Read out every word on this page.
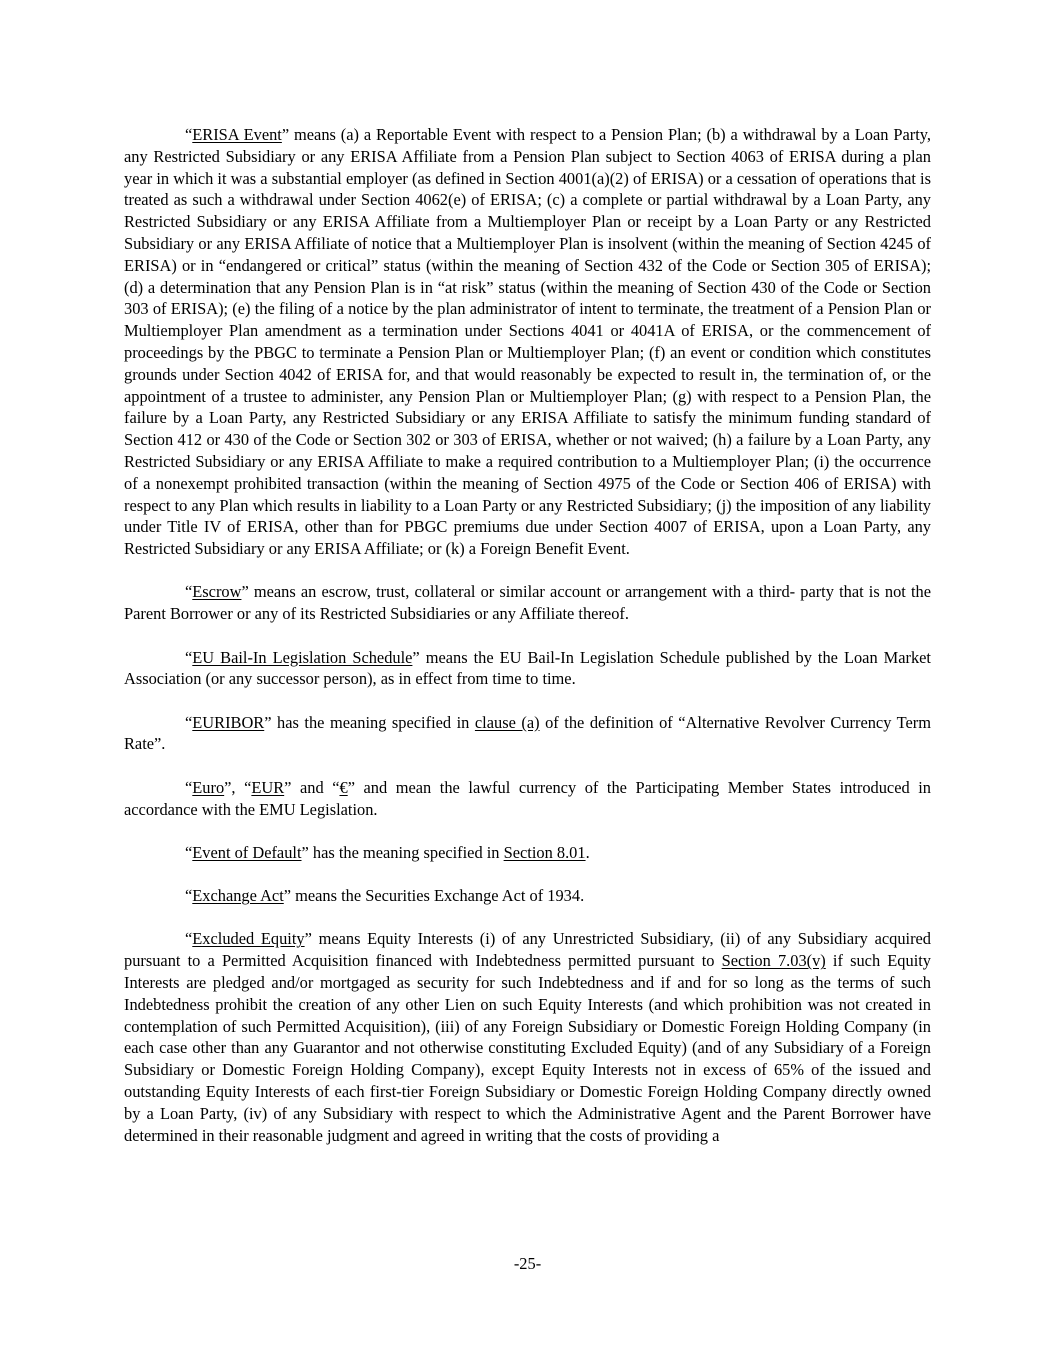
“ERISA Event” means (a) a Reportable Event with respect to a Pension Plan; (b) a withdrawal by a Loan Party, any Restricted Subsidiary or any ERISA Affiliate from a Pension Plan subject to Section 4063 of ERISA during a plan year in which it was a substantial employer (as defined in Section 4001(a)(2) of ERISA) or a cessation of operations that is treated as such a withdrawal under Section 4062(e) of ERISA; (c) a complete or partial withdrawal by a Loan Party, any Restricted Subsidiary or any ERISA Affiliate from a Multiemployer Plan or receipt by a Loan Party or any Restricted Subsidiary or any ERISA Affiliate of notice that a Multiemployer Plan is insolvent (within the meaning of Section 4245 of ERISA) or in “endangered or critical” status (within the meaning of Section 432 of the Code or Section 305 of ERISA); (d) a determination that any Pension Plan is in “at risk” status (within the meaning of Section 430 of the Code or Section 303 of ERISA); (e) the filing of a notice by the plan administrator of intent to terminate, the treatment of a Pension Plan or Multiemployer Plan amendment as a termination under Sections 4041 or 4041A of ERISA, or the commencement of proceedings by the PBGC to terminate a Pension Plan or Multiemployer Plan; (f) an event or condition which constitutes grounds under Section 4042 of ERISA for, and that would reasonably be expected to result in, the termination of, or the appointment of a trustee to administer, any Pension Plan or Multiemployer Plan; (g) with respect to a Pension Plan, the failure by a Loan Party, any Restricted Subsidiary or any ERISA Affiliate to satisfy the minimum funding standard of Section 412 or 430 of the Code or Section 302 or 303 of ERISA, whether or not waived; (h) a failure by a Loan Party, any Restricted Subsidiary or any ERISA Affiliate to make a required contribution to a Multiemployer Plan; (i) the occurrence of a nonexempt prohibited transaction (within the meaning of Section 4975 of the Code or Section 406 of ERISA) with respect to any Plan which results in liability to a Loan Party or any Restricted Subsidiary; (j) the imposition of any liability under Title IV of ERISA, other than for PBGC premiums due under Section 4007 of ERISA, upon a Loan Party, any Restricted Subsidiary or any ERISA Affiliate; or (k) a Foreign Benefit Event.

“Escrow” means an escrow, trust, collateral or similar account or arrangement with a third- party that is not the Parent Borrower or any of its Restricted Subsidiaries or any Affiliate thereof.

“EU Bail-In Legislation Schedule” means the EU Bail-In Legislation Schedule published by the Loan Market Association (or any successor person), as in effect from time to time.

“EURIBOR” has the meaning specified in clause (a) of the definition of “Alternative Revolver Currency Term Rate”.

“Euro”, “EUR” and “€” and mean the lawful currency of the Participating Member States introduced in accordance with the EMU Legislation.

“Event of Default” has the meaning specified in Section 8.01.

“Exchange Act” means the Securities Exchange Act of 1934.

“Excluded Equity” means Equity Interests (i) of any Unrestricted Subsidiary, (ii) of any Subsidiary acquired pursuant to a Permitted Acquisition financed with Indebtedness permitted pursuant to Section 7.03(v) if such Equity Interests are pledged and/or mortgaged as security for such Indebtedness and if and for so long as the terms of such Indebtedness prohibit the creation of any other Lien on such Equity Interests (and which prohibition was not created in contemplation of such Permitted Acquisition), (iii) of any Foreign Subsidiary or Domestic Foreign Holding Company (in each case other than any Guarantor and not otherwise constituting Excluded Equity) (and of any Subsidiary of a Foreign Subsidiary or Domestic Foreign Holding Company), except Equity Interests not in excess of 65% of the issued and outstanding Equity Interests of each first-tier Foreign Subsidiary or Domestic Foreign Holding Company directly owned by a Loan Party, (iv) of any Subsidiary with respect to which the Administrative Agent and the Parent Borrower have determined in their reasonable judgment and agreed in writing that the costs of providing a

-25-
